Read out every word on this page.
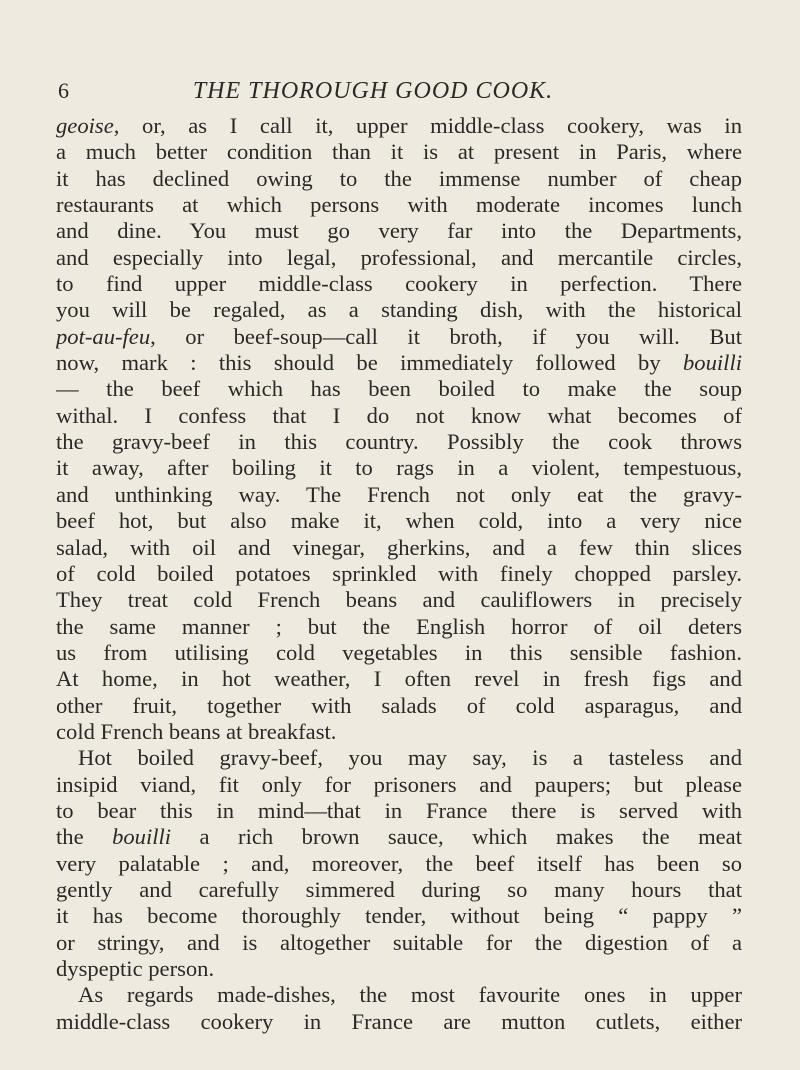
6	THE THOROUGH GOOD COOK.
geoise, or, as I call it, upper middle-class cookery, was in
a much better condition than it is at present in Paris, where
it has declined owing to the immense number of cheap
restaurants at which persons with moderate incomes lunch
and dine. You must go very far into the Departments,
and especially into legal, professional, and mercantile circles,
to find upper middle-class cookery in perfection. There
you will be regaled, as a standing dish, with the historical
pot-au-feu, or beef-soup—call it broth, if you will. But
now, mark : this should be immediately followed by bouilli
— the beef which has been boiled to make the soup
withal. I confess that I do not know what becomes of
the gravy-beef in this country. Possibly the cook throws
it away, after boiling it to rags in a violent, tempestuous,
and unthinking way. The French not only eat the gravy-
beef hot, but also make it, when cold, into a very nice
salad, with oil and vinegar, gherkins, and a few thin slices
of cold boiled potatoes sprinkled with finely chopped parsley.
They treat cold French beans and cauliflowers in precisely
the same manner ; but the English horror of oil deters
us from utilising cold vegetables in this sensible fashion.
At home, in hot weather, I often revel in fresh figs and
other fruit, together with salads of cold asparagus, and
cold French beans at breakfast.
Hot boiled gravy-beef, you may say, is a tasteless and
insipid viand, fit only for prisoners and paupers; but please
to bear this in mind—that in France there is served with
the bouilli a rich brown sauce, which makes the meat
very palatable ; and, moreover, the beef itself has been so
gently and carefully simmered during so many hours that
it has become thoroughly tender, without being “ pappy ”
or stringy, and is altogether suitable for the digestion of a
dyspeptic person.
As regards made-dishes, the most favourite ones in upper
middle-class cookery in France are mutton cutlets, either
